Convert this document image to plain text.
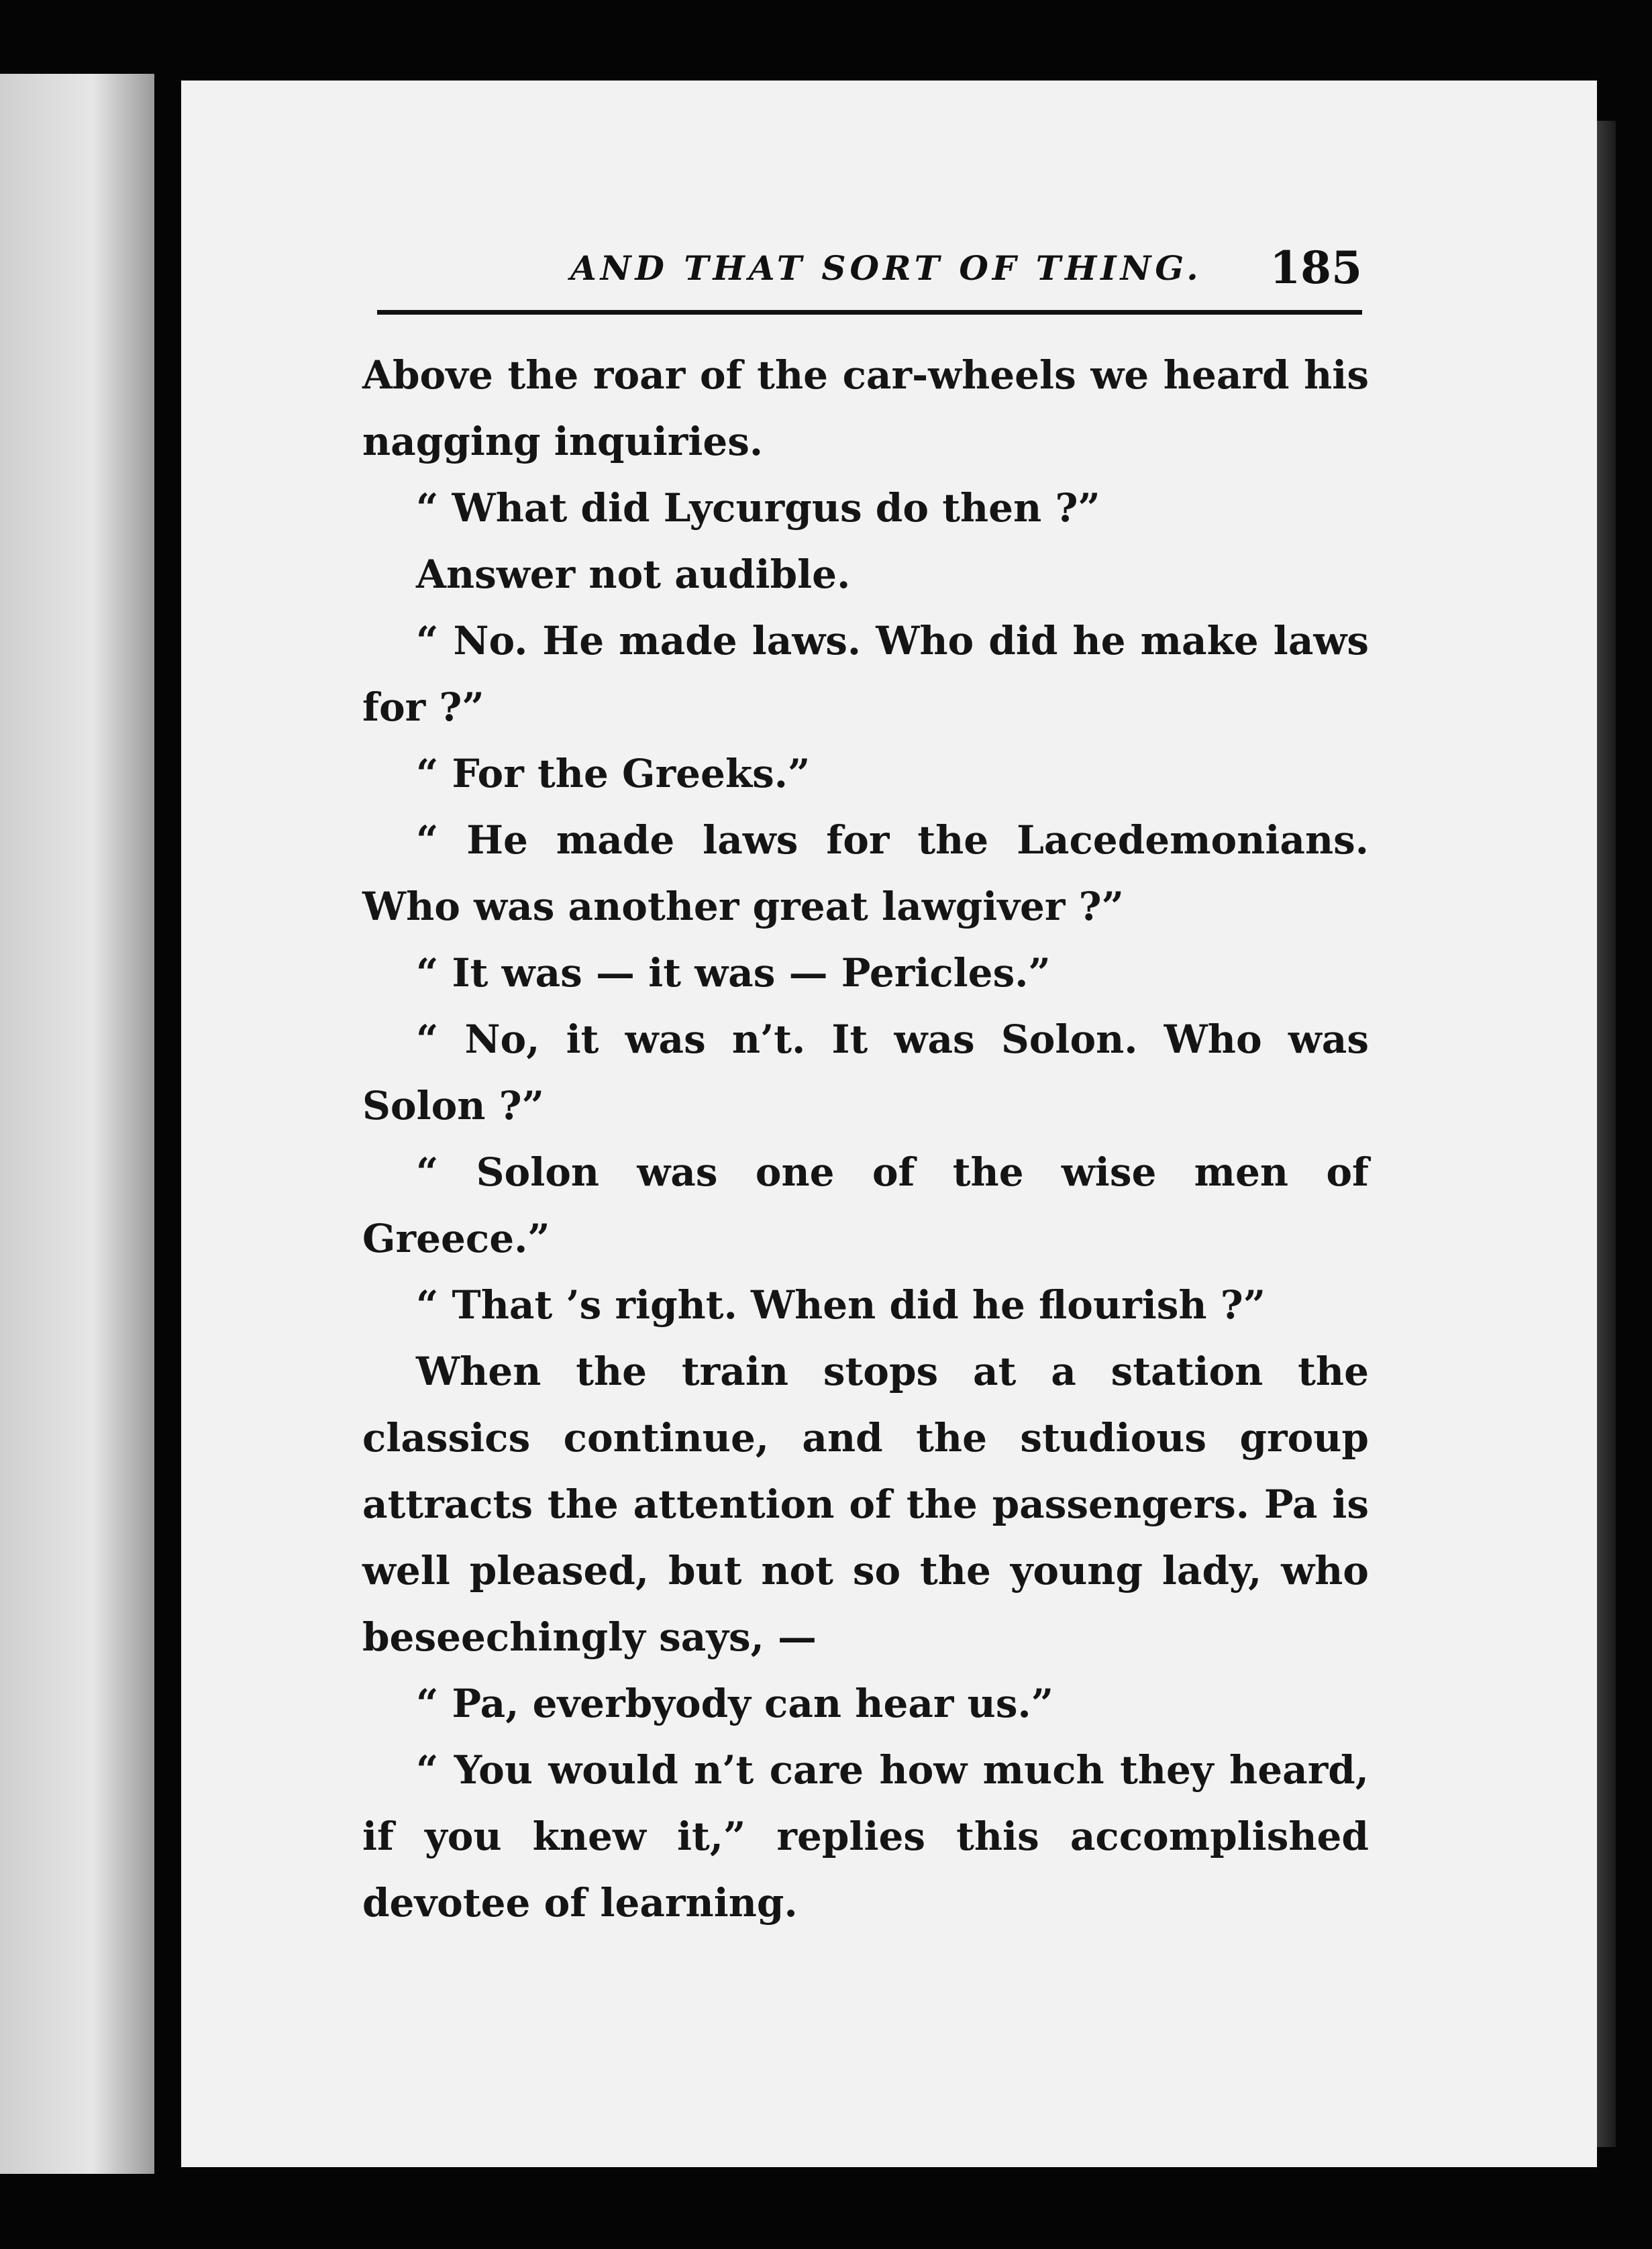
AND THAT SORT OF THING. 185

Above the roar of the car-wheels we heard his nagging inquiries.

“ What did Lycurgus do then ?”

Answer not audible.

“ No. He made laws. Who did he make laws for ?”

“ For the Greeks.”

“ He made laws for the Lacedemonians. Who was another great lawgiver ?”

“ It was — it was — Pericles.”

“ No, it was n’t. It was Solon. Who was Solon ?”

“ Solon was one of the wise men of Greece.”

“ That ’s right. When did he flourish ?”

When the train stops at a station the classics continue, and the studious group attracts the attention of the passengers. Pa is well pleased, but not so the young lady, who beseechingly says, —

“ Pa, everbyody can hear us.”

“ You would n’t care how much they heard, if you knew it,” replies this accomplished devotee of learning.
